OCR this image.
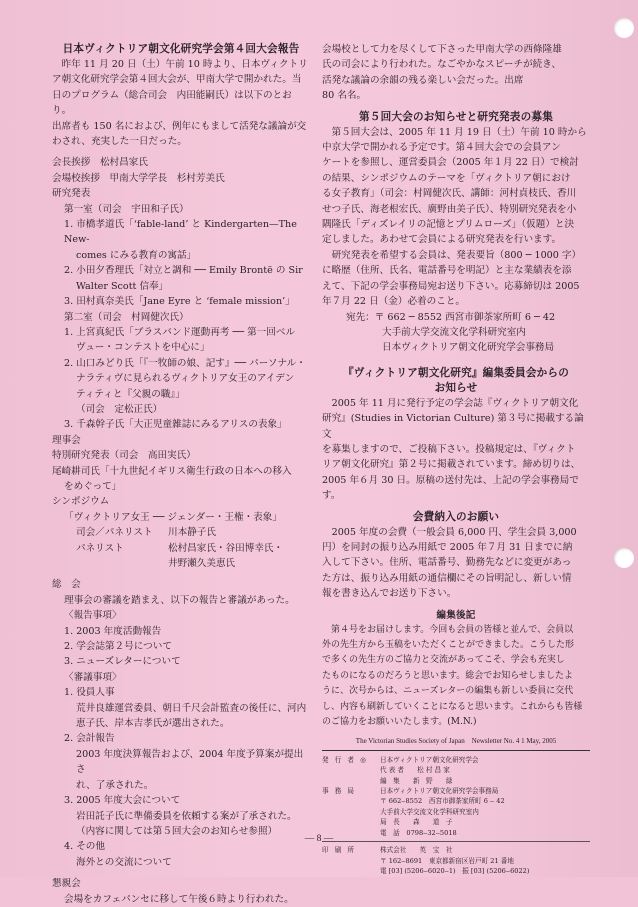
日本ヴィクトリア朝文化研究学会第４回大会報告
昨年 11 月 20 日（土）午前 10 時より、日本ヴィクトリ
ア朝文化研究学会第４回大会が、甲南大学で開かれた。当
日のプログラム（総合司会　内田能嗣氏）は以下のとおり。
出席者も 150 名におよび、例年にもまして活発な議論が交
わされ、充実した一日だった。
会長挨拶　松村昌家氏
会場校挨拶　甲南大学学長　杉村芳美氏
研究発表
第一室（司会　宇田和子氏）
1. 市橋孝道氏「‘fable-land’ と Kindergarten—The New-
comes にみる教育の寓話」
2. 小田夕香理氏「対立と調和 ── Emily Brontë の Sir
Walter Scott 信奉」
3. 田村真奈美氏「Jane Eyre と ‘female mission’」
第二室（司会　村岡健次氏）
1. 上宮真紀氏「ブラスバンド運動再考 ── 第一回ベル
ヴュー・コンテストを中心に」
2. 山口みどり氏「『一牧師の娘、記す』── パーソナル・
ナラティヴに見られるヴィクトリア女王のアイデン
ティティと『父親の職』」
（司会　定松正氏）
3. 千森幹子氏「大正児童雑誌にみるアリスの表象」
理事会
特別研究発表（司会　高田実氏）
尾崎耕司氏「十九世紀イギリス衛生行政の日本への移入
をめぐって」
シンポジウム
「ヴィクトリア女王 ── ジェンダー・王権・表象」
司会／パネリスト	川本静子氏
パネリスト	松村昌家氏・谷田博幸氏・
井野瀬久美恵氏
総　会
理事会の審議を踏まえ、以下の報告と審議があった。
〈報告事項〉
1. 2003 年度活動報告
2. 学会誌第２号について
3. ニューズレターについて
〈審議事項〉
1. 役員人事
荒井良雄運営委員、朝日千尺会計監査の後任に、河内
恵子氏、岸本吉孝氏が選出された。
2. 会計報告
2003 年度決算報告および、2004 年度予算案が提出さ
れ、了承された。
3. 2005 年度大会について
岩田託子氏に準備委員を依頼する案が了承された。
（内容に関しては第５回大会のお知らせ参照）
4. その他
海外との交流について
懇親会
会場をカフェパンセに移して午後６時より行われた。
会場校として力を尽くして下さった甲南大学の西條隆雄
氏の司会により行われた。なごやかなスピーチが続き、
活発な議論の余韻の残る楽しい会だった。出席
80 名名。
第５回大会のお知らせと研究発表の募集
第５回大会は、2005 年 11 月 19 日（土）午前 10 時から
中京大学で開かれる予定です。第４回大会での会員アン
ケートを参照し、運営委員会（2005 年１月 22 日）で検討
の結果、シンポジウムのテーマを「ヴィクトリア朝におけ
る女子教育」（司会：村岡健次氏、講師：河村貞枝氏、香川
せつ子氏、海老根宏氏、廣野由美子氏）、特別研究発表を小
隅隆氏「ディズレイリの記憶とプリムローズ」（仮題）と決
定しました。あわせて会員による研究発表を行います。
研究発表を希望する会員は、発表要旨（800 ─ 1000 字）
に略歴（住所、氏名、電話番号を明記）と主な業績表を添
えて、下記の学会事務局宛お送り下さい。応募締切は 2005
年７月 22 日（金）必着のこと。
宛先：〒 662 ─ 8552 西宮市御茶家所町 6 ─ 42
大手前大学交流文化学科研究室内
日本ヴィクトリア朝文化研究学会事務局
『ヴィクトリア朝文化研究』編集委員会からの
お知らせ
2005 年 11 月に発行予定の学会誌『ヴィクトリア朝文化
研究』(Studies in Victorian Culture) 第３号に掲載する論文
を募集しますので、ご投稿下さい。投稿規定は、『ヴィクト
リア朝文化研究』第２号に掲載されています。締め切りは、
2005 年６月 30 日。原稿の送付先は、上記の学会事務局で
す。
会費納入のお願い
2005 年度の会費（一般会員 6,000 円、学生会員 3,000
円）を同封の振り込み用紙で 2005 年７月 31 日までに納
入して下さい。住所、電話番号、勤務先などに変更があっ
た方は、振り込み用紙の通信欄にその旨明記し、新しい情
報を書き込んでお送り下さい。
編集後記
第４号をお届けします。今回も会員の皆様と並んで、会員以
外の先生方から玉稿をいただくことができました。こうした形
で多くの先生方のご協力と交流があってこそ、学会も充実し
たものになるのだろうと思います。総会でお知らせしましたよ
うに、次号からは、ニューズレターの編集も新しい委員に交代
し、内容も刷新していくことになると思います。これからも皆様
のご協力をお願いいたします。(M.N.)
The Victorian Studies Society of Japan　Newsletter No. 4 1 May, 2005
発 行 者 ◎	日本ヴィクトリア朝文化研究学会
代 表 者　　松 村 昌 家
編　集　　新　野　　緑
事 務 局	日本ヴィクトリア朝文化研究学会事務局
〒 662‒8552　西宮市御茶家所町 6 ‒ 42
大手前大学交流文化学科研究室内
局　長　　森　　道　子
電　話　0798‒32‒5018
印 刷 所	株式会社　　英　宝　社
〒 162‒8691　東京都新宿区岩戸町 21 番地
電 [03] (5206‒6020‒1)　振 [03] (5206‒6022)
— 8 —
